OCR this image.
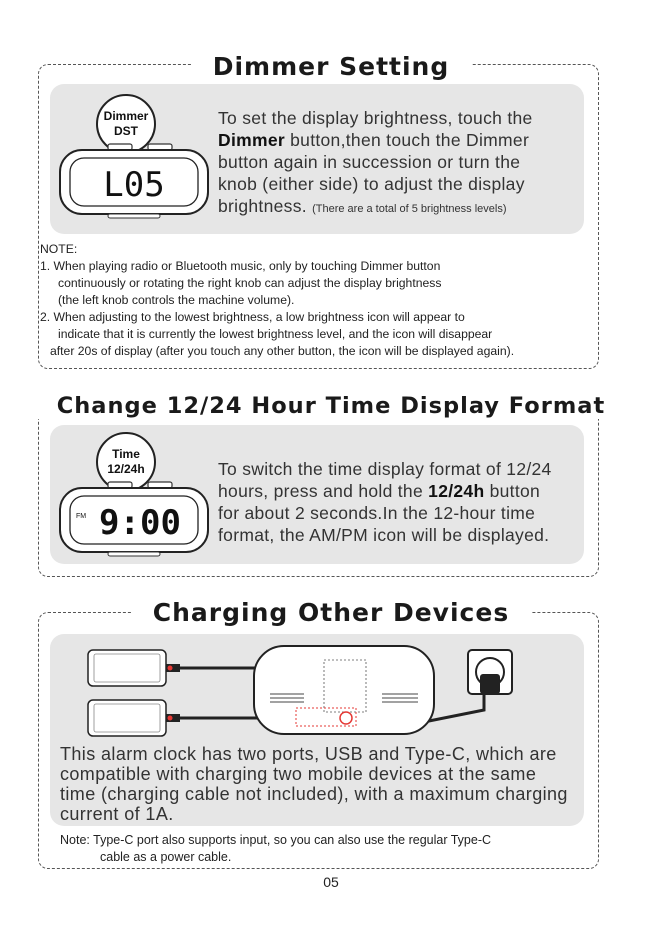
Dimmer Setting
Dimmer
DST
L05
To set the display brightness, touch the
Dimmer button,then touch the Dimmer
button again in succession or turn the
knob (either side) to adjust the display
brightness. (There are a total of 5 brightness levels)
NOTE:
1. When playing radio or Bluetooth music, only by touching Dimmer button
continuously or rotating the right knob can adjust the display brightness
(the left knob controls the machine volume).
2. When adjusting to the lowest brightness, a low brightness icon will appear to
indicate that it is currently the lowest brightness level, and the icon will disappear
after 20s of display (after you touch any other button, the icon will be displayed again).
Change 12/24 Hour Time Display Format
Time
12/24h
FM 9:00
To switch the time display format of 12/24
hours, press and hold the 12/24h button
for about 2 seconds.In the 12-hour time
format, the AM/PM icon will be displayed.
Charging Other Devices
This alarm clock has two ports, USB and Type-C, which are
compatible with charging two mobile devices at the same
time (charging cable not included), with a maximum charging
current of 1A.
Note: Type-C port also supports input, so you can also use the regular Type-C
cable as a power cable.
05
